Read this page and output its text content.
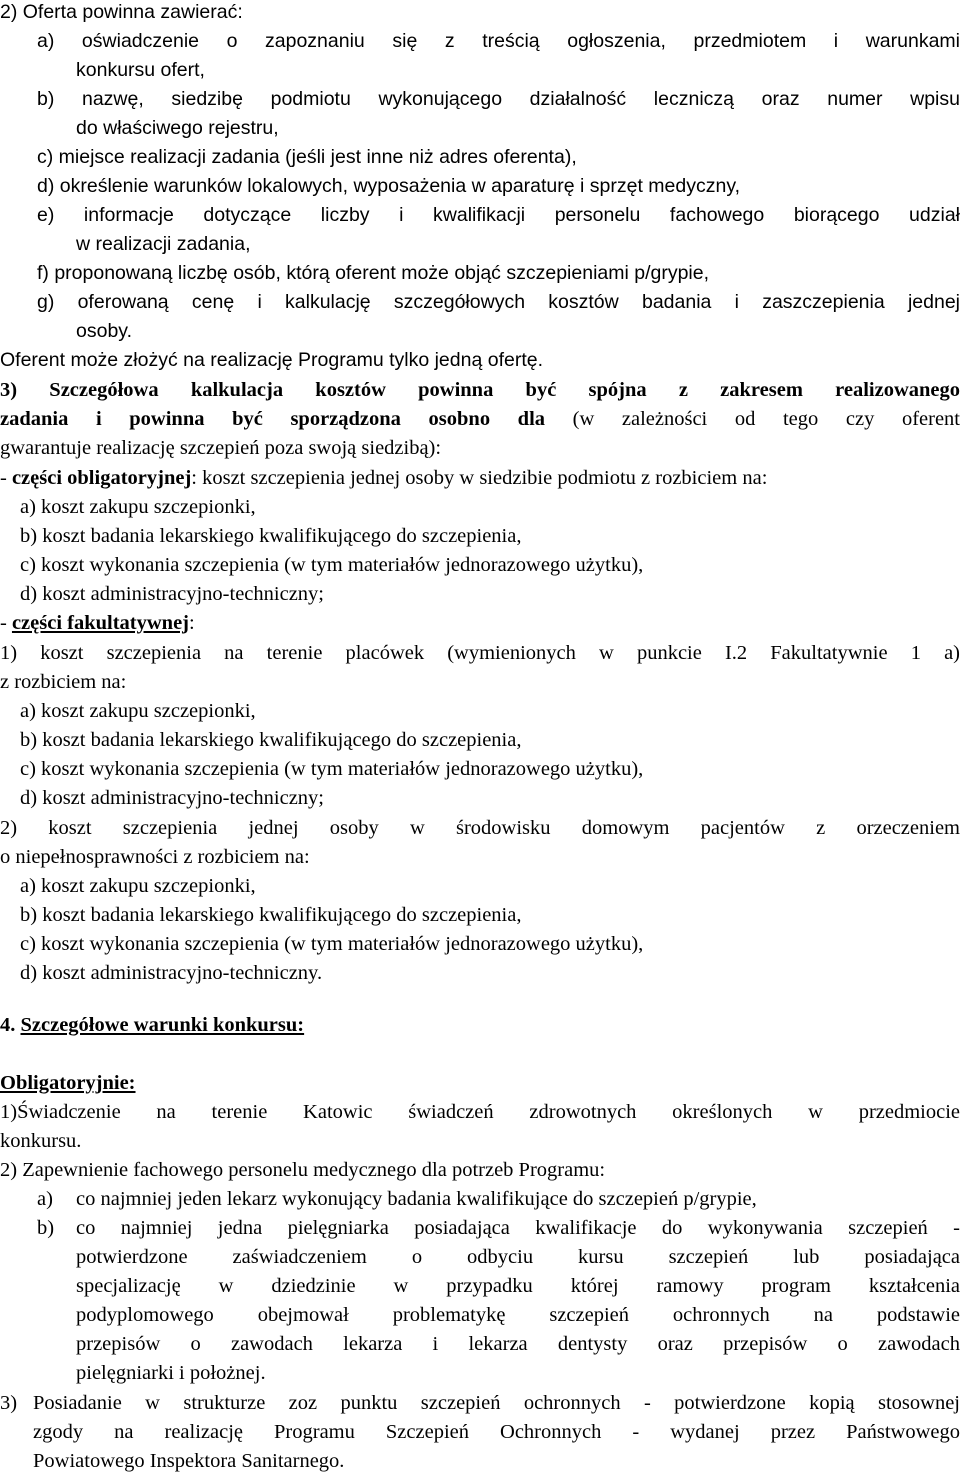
2) Oferta powinna zawierać:
a) oświadczenie o zapoznaniu się z treścią ogłoszenia, przedmiotem i warunkami
konkursu ofert,
b) nazwę, siedzibę podmiotu wykonującego działalność leczniczą oraz numer wpisu
do właściwego rejestru,
c) miejsce realizacji zadania (jeśli jest inne niż adres oferenta),
d) określenie warunków lokalowych, wyposażenia w aparaturę i sprzęt medyczny,
e) informacje dotyczące liczby i kwalifikacji personelu fachowego biorącego udział
w realizacji zadania,
f) proponowaną liczbę osób, którą oferent może objąć szczepieniami p/grypie,
g) oferowaną cenę i kalkulację szczegółowych kosztów badania i zaszczepienia jednej
osoby.
Oferent może złożyć na realizację Programu tylko jedną ofertę.
3) Szczegółowa kalkulacja kosztów powinna być spójna z zakresem realizowanego
zadania i powinna być sporządzona osobno dla (w zależności od tego czy oferent
gwarantuje realizację szczepień poza swoją siedzibą):
- części obligatoryjnej: koszt szczepienia jednej osoby w siedzibie podmiotu z rozbiciem na:
a) koszt zakupu szczepionki,
b) koszt badania lekarskiego kwalifikującego do szczepienia,
c) koszt wykonania szczepienia (w tym materiałów jednorazowego użytku),
d) koszt administracyjno-techniczny;
- części fakultatywnej:
1) koszt szczepienia na terenie placówek (wymienionych w punkcie I.2 Fakultatywnie 1 a)
z rozbiciem na:
a) koszt zakupu szczepionki,
b) koszt badania lekarskiego kwalifikującego do szczepienia,
c) koszt wykonania szczepienia (w tym materiałów jednorazowego użytku),
d) koszt administracyjno-techniczny;
2) koszt szczepienia jednej osoby w środowisku domowym pacjentów z orzeczeniem
o niepełnosprawności z rozbiciem na:
a) koszt zakupu szczepionki,
b) koszt badania lekarskiego kwalifikującego do szczepienia,
c) koszt wykonania szczepienia (w tym materiałów jednorazowego użytku),
d) koszt administracyjno-techniczny.
4. Szczegółowe warunki konkursu:
Obligatoryjnie:
1)Świadczenie na terenie Katowic świadczeń zdrowotnych określonych w przedmiocie
konkursu.
2) Zapewnienie fachowego personelu medycznego dla potrzeb Programu:
a) co najmniej jeden lekarz wykonujący badania kwalifikujące do szczepień p/grypie,
b) co najmniej jedna pielęgniarka posiadająca kwalifikacje do wykonywania szczepień -
potwierdzone zaświadczeniem o odbyciu kursu szczepień lub posiadająca
specjalizację w dziedzinie w przypadku której ramowy program kształcenia
podyplomowego obejmował problematykę szczepień ochronnych na podstawie
przepisów o zawodach lekarza i lekarza dentysty oraz przepisów o zawodach
pielęgniarki i położnej.
3) Posiadanie w strukturze zoz punktu szczepień ochronnych - potwierdzone kopią stosownej
zgody na realizację Programu Szczepień Ochronnych - wydanej przez Państwowego
Powiatowego Inspektora Sanitarnego.
